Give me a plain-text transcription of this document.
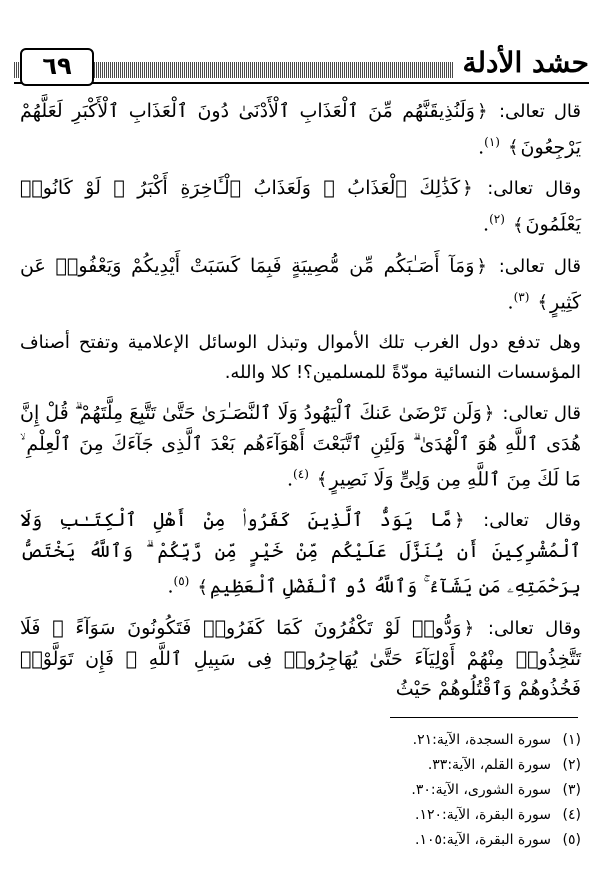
٦٩	حشد الأدلة

قال تعالى: ﴿وَلَنُذِيقَنَّهُم مِّنَ ٱلْعَذَابِ ٱلْأَدْنَىٰ دُونَ ٱلْعَذَابِ ٱلْأَكْبَرِ لَعَلَّهُمْ يَرْجِعُونَ﴾ $^{(١)}$.

وقال تعالى: ﴿كَذَٰلِكَ ٱلْعَذَابُ ۖ وَلَعَذَابُ ٱلْـَٔاخِرَةِ أَكْبَرُ ۚ لَوْ كَانُوا۟ يَعْلَمُونَ﴾ $^{(٢)}$.

قال تعالى: ﴿وَمَآ أَصَـٰبَكُم مِّن مُّصِيبَةٍ فَبِمَا كَسَبَتْ أَيْدِيكُمْ وَيَعْفُوا۟ عَن كَثِيرٍ﴾ $^{(٣)}$.

وهل تدفع دول الغرب تلك الأموال وتبذل الوسائل الإعلامية وتفتح أصناف المؤسسات النسائية مودّةً للمسلمين؟! كلا والله.

قال تعالى: ﴿وَلَن تَرْضَىٰ عَنكَ ٱلْيَهُودُ وَلَا ٱلنَّصَـٰرَىٰ حَتَّىٰ تَتَّبِعَ مِلَّتَهُمْ ۗ قُلْ إِنَّ هُدَى ٱللَّهِ هُوَ ٱلْهُدَىٰ ۗ وَلَئِنِ ٱتَّبَعْتَ أَهْوَآءَهُم بَعْدَ ٱلَّذِى جَآءَكَ مِنَ ٱلْعِلْمِ ۙ مَا لَكَ مِنَ ٱللَّهِ مِن وَلِىٍّ وَلَا نَصِيرٍ﴾ $^{(٤)}$.

وقال تعالى: ﴿مَّا يَوَدُّ ٱلَّذِينَ كَفَرُوا۟ مِنْ أَهْلِ ٱلْكِتَـٰبِ وَلَا ٱلْمُشْرِكِينَ أَن يُنَزَّلَ عَلَيْكُم مِّنْ خَيْرٍ مِّن رَّبِّكُمْ ۗ وَٱللَّهُ يَخْتَصُّ بِرَحْمَتِهِۦ مَن يَشَآءُ ۚ وَٱللَّهُ ذُو ٱلْفَضْلِ ٱلْعَظِيمِ﴾ $^{(٥)}$.

وقال تعالى: ﴿وَدُّوا۟ لَوْ تَكْفُرُونَ كَمَا كَفَرُوا۟ فَتَكُونُونَ سَوَآءً ۖ فَلَا تَتَّخِذُوا۟ مِنْهُمْ أَوْلِيَآءَ حَتَّىٰ يُهَاجِرُوا۟ فِى سَبِيلِ ٱللَّهِ ۚ فَإِن تَوَلَّوْا۟ فَخُذُوهُمْ وَٱقْتُلُوهُمْ حَيْثُ

(١)سورة السجدة، الآية:٢١.
(٢)سورة القلم، الآية:٣٣.
(٣)سورة الشورى، الآية:٣٠.
(٤)سورة البقرة، الآية:١٢٠.
(٥)سورة البقرة، الآية:١٠٥.
